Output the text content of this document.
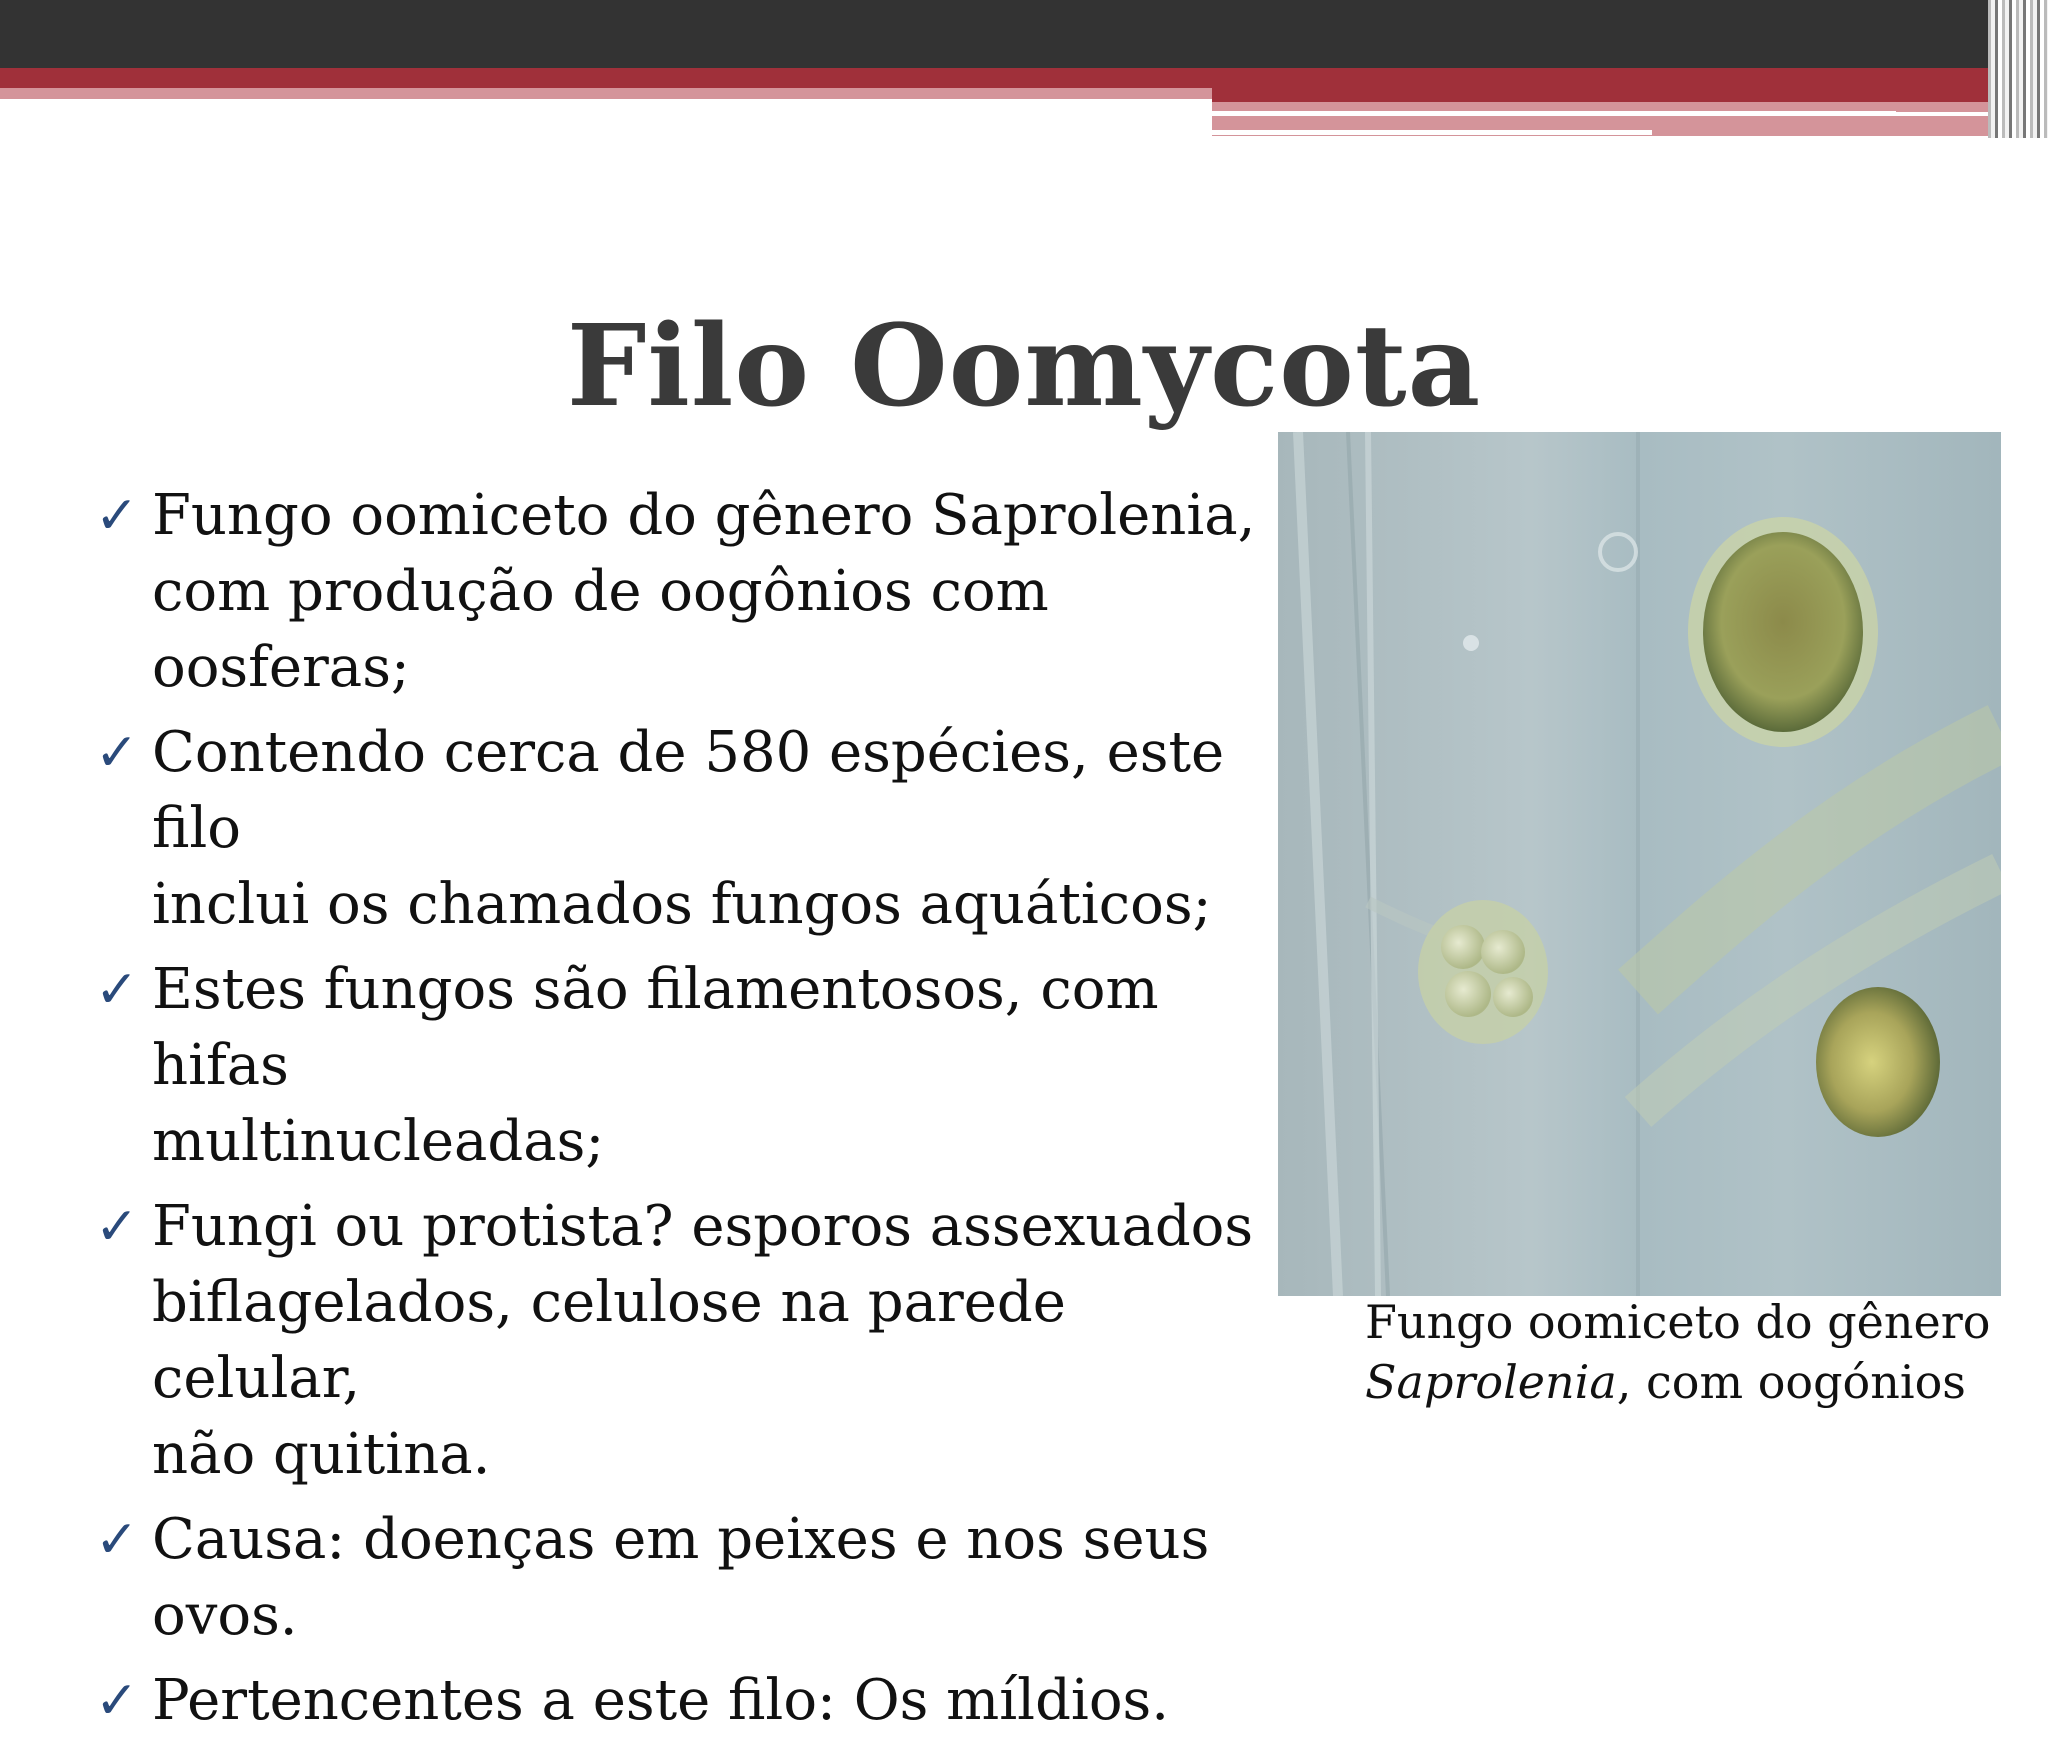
Filo Oomycota
✓ Fungo oomiceto do gênero Saprolenia,
com produção de oogônios com
oosferas;
✓ Contendo cerca de 580 espécies, este filo
inclui os chamados fungos aquáticos;
✓ Estes fungos são filamentosos, com hifas
multinucleadas;
✓ Fungi ou protista? esporos assexuados
biflagelados, celulose na parede celular,
não quitina.
✓ Causa: doenças em peixes e nos seus ovos.
✓ Pertencentes a este filo: Os míldios.
Fungo oomiceto do gênero
Saprolenia, com oogónios
